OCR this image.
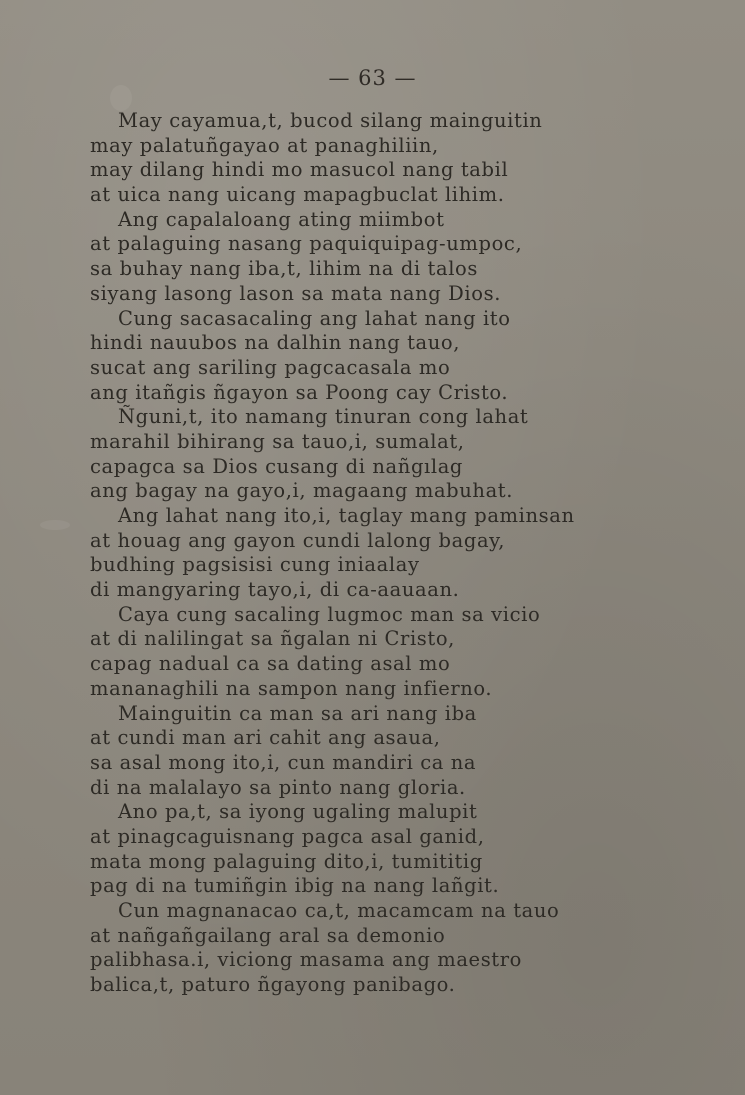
— 63 —
May cayamua,t, bucod silang mainguitin
may palatuñgayao at panaghiliin,
may dilang hindi mo masucol nang tabil
at uica nang uicang mapagbuclat lihim.
Ang capalaloang ating miimbot
at palaguing nasang paquiquipag-umpoc,
sa buhay nang iba,t, lihim na di talos
siyang lasong lason sa mata nang Dios.
Cung sacasacaling ang lahat nang ito
hindi nauubos na dalhin nang tauo,
sucat ang sariling pagcacasala mo
ang itañgis ñgayon sa Poong cay Cristo.
Ñguni,t, ito namang tinuran cong lahat
marahil bihirang sa tauo,i, sumalat,
capagca sa Dios cusang di nañgılag
ang bagay na gayo,i, magaang mabuhat.
Ang lahat nang ito,i, taglay mang paminsan
at houag ang gayon cundi lalong bagay,
budhing pagsisisi cung iniaalay
di mangyaring tayo,i, di ca-aauaan.
Caya cung sacaling lugmoc man sa vicio
at di nalilingat sa ñgalan ni Cristo,
capag nadual ca sa dating asal mo
mananaghili na sampon nang infierno.
Mainguitin ca man sa ari nang iba
at cundi man ari cahit ang asaua,
sa asal mong ito,i, cun mandiri ca na
di na malalayo sa pinto nang gloria.
Ano pa,t, sa iyong ugaling malupit
at pinagcaguisnang pagca asal ganid,
mata mong palaguing dito,i, tumititig
pag di na tumiñgin ibig na nang lañgit.
Cun magnanacao ca,t, macamcam na tauo
at nañgañgailang aral sa demonio
palibhasa.i, viciong masama ang maestro
balica,t, paturo ñgayong panibago.
